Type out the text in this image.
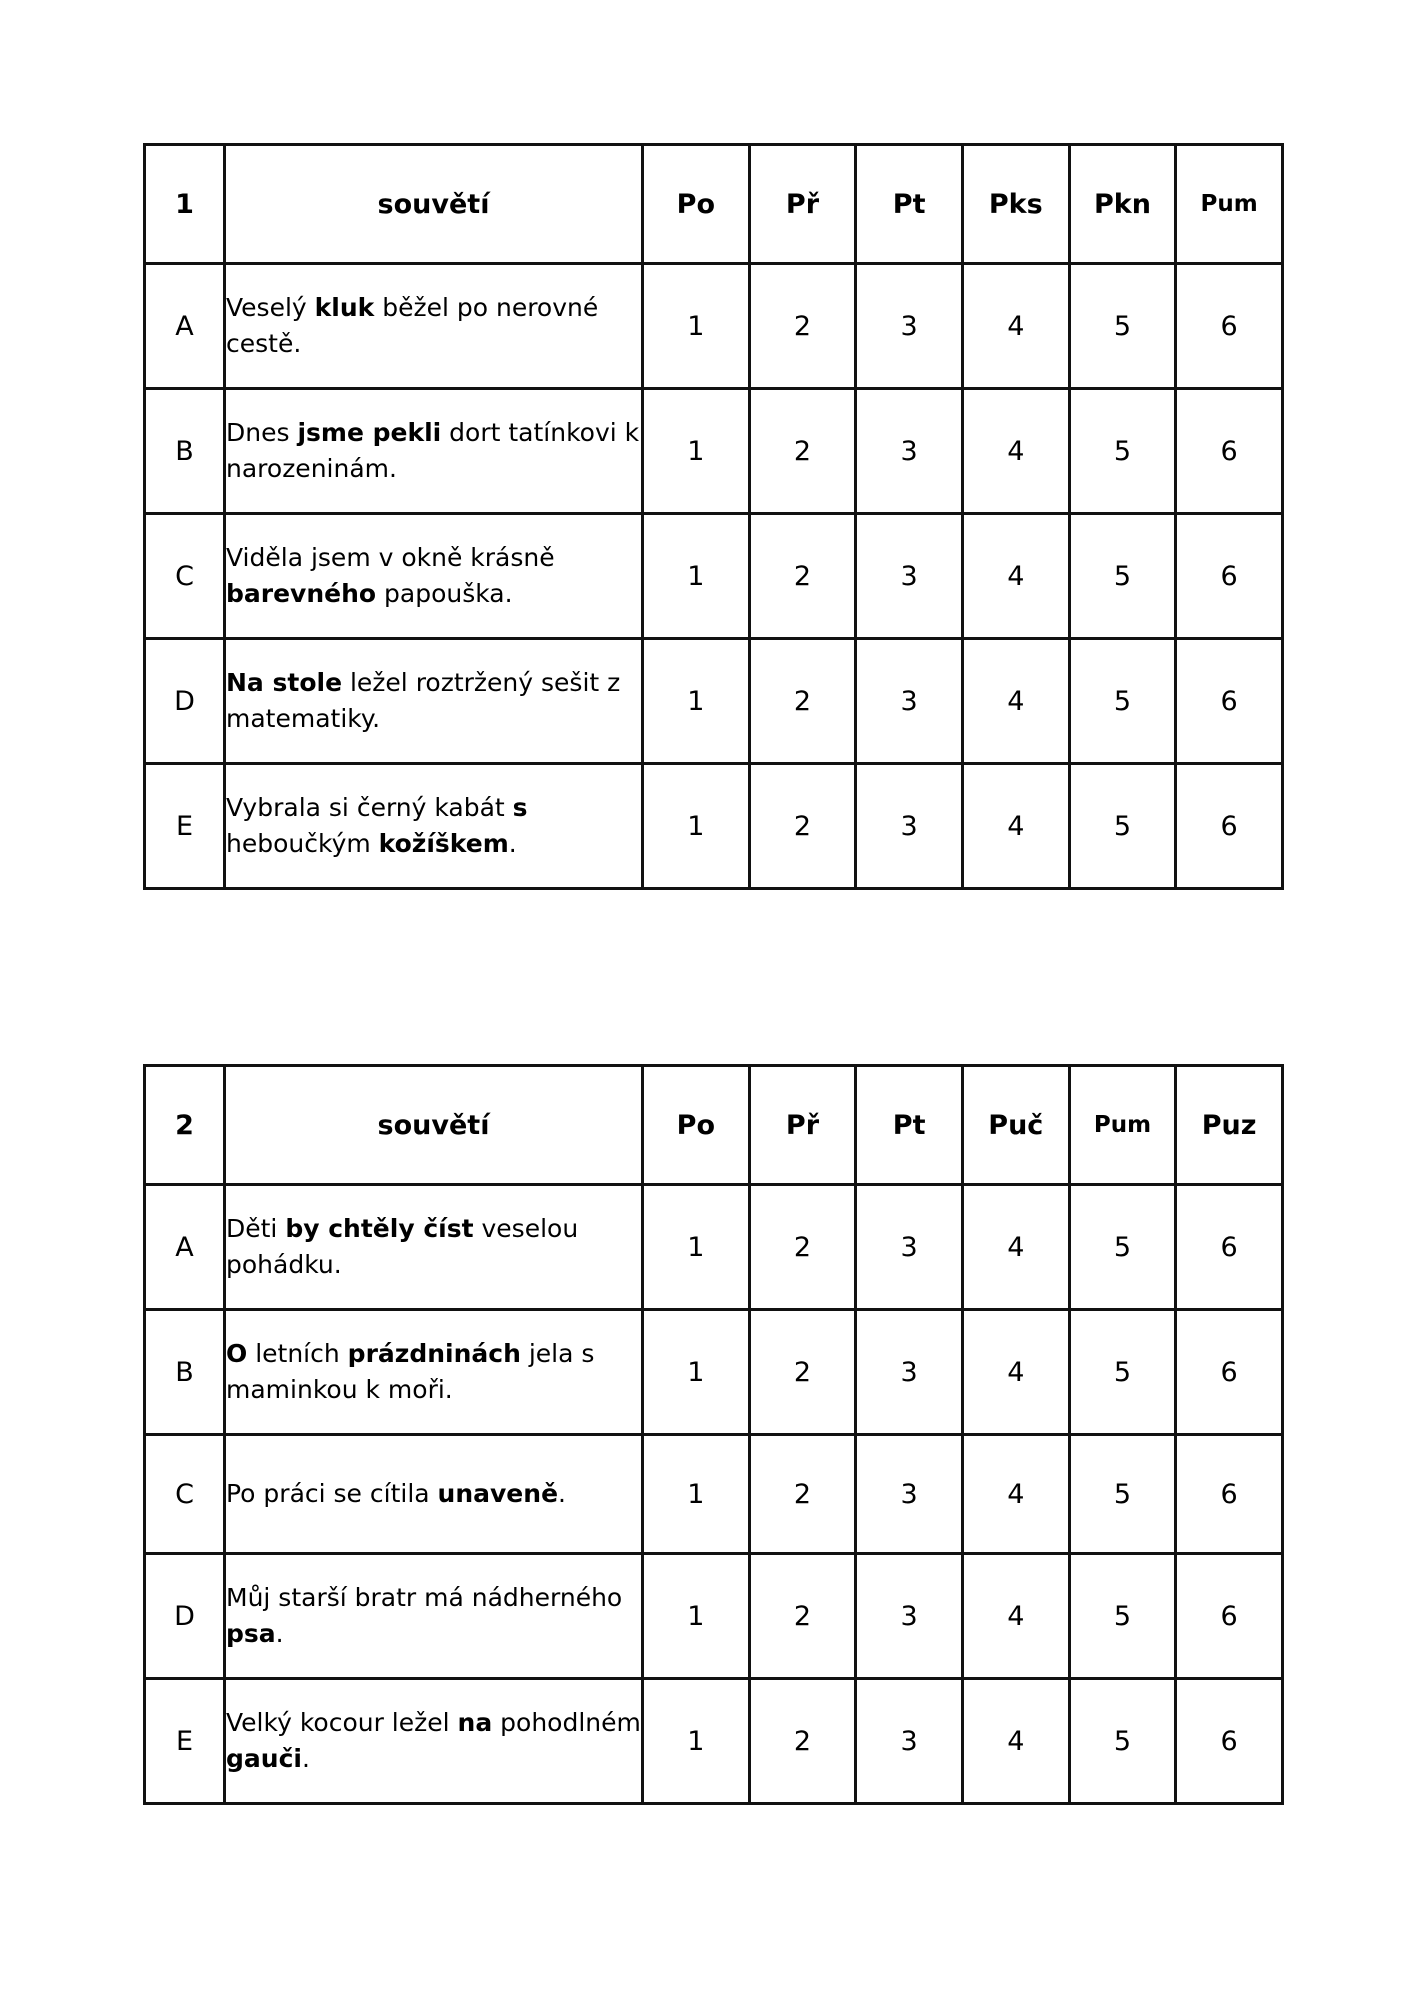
1	souvětí	Po	Př	Pt	Pks	Pkn	Pum
A	Veselý kluk běžel po nerovné cestě.	1	2	3	4	5	6
B	Dnes jsme pekli dort tatínkovi k narozeninám.	1	2	3	4	5	6
C	Viděla jsem v okně krásně barevného papouška.	1	2	3	4	5	6
D	Na stole ležel roztržený sešit z matematiky.	1	2	3	4	5	6
E	Vybrala si černý kabát s heboučkým kožíškem.	1	2	3	4	5	6
2	souvětí	Po	Př	Pt	Puč	Pum	Puz
A	Děti by chtěly číst veselou pohádku.	1	2	3	4	5	6
B	O letních prázdninách jela s maminkou k moři.	1	2	3	4	5	6
C	Po práci se cítila unaveně.	1	2	3	4	5	6
D	Můj starší bratr má nádherného psa.	1	2	3	4	5	6
E	Velký kocour ležel na pohodlném gauči.	1	2	3	4	5	6
